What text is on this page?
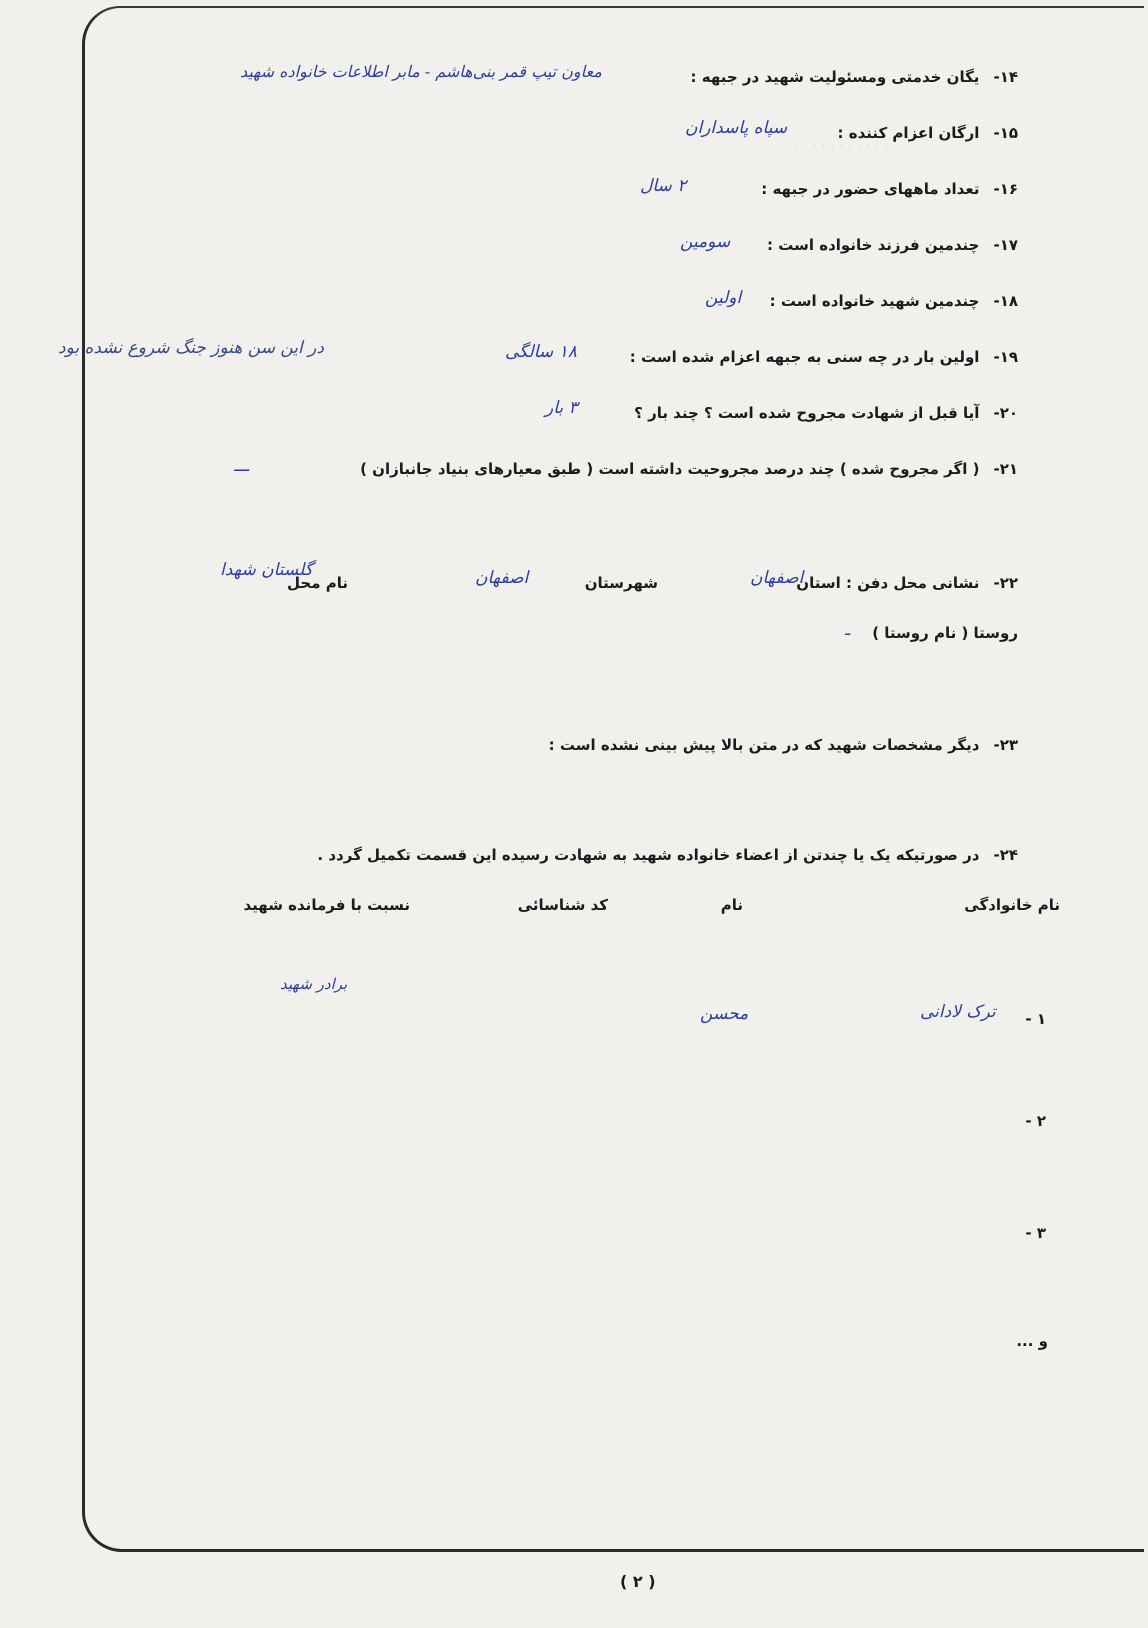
. . . . . . . . . . .
۱۴-یگان خدمتی ومسئولیت شهید در جبهه :
معاون تیپ قمر بنی‌هاشم - مابر اطلاعات خانواده شهید
۱۵-ارگان اعزام کننده :
سپاه پاسداران
۱۶-تعداد ماههای حضور در جبهه :
۲ سال
۱۷-چندمین فرزند خانواده است :
سومین
۱۸-چندمین شهید خانواده است :
اولین
۱۹-اولین بار در چه سنی به جبهه اعزام شده است :
۱۸ سالگی
در این سن هنوز جنگ شروع نشده بود
۲۰-آیا قبل از شهادت مجروح شده است ؟ چند بار ؟
۳ بار
۲۱-( اگر مجروح شده ) چند درصد مجروحیت داشته است ( طبق معیارهای بنیاد جانبازان )
ـــ
۲۲-نشانی محل دفن : استان
اصفهان
شهرستان
اصفهان
نام محل
گلستان شهدا
روستا ( نام روستا )
ـ
۲۳-دیگر مشخصات شهید که در متن بالا پیش بینی نشده است :
۲۴-در صورتیکه یک یا چندتن از اعضاء خانواده شهید به شهادت رسیده این قسمت تکمیل گردد .
نام خانوادگی
نام
کد شناسائی
نسبت با فرمانده شهید
۱ -
ترک لادانی
محسن
برادر شهید
۲ -
۳ -
و ...
( ۲ )
